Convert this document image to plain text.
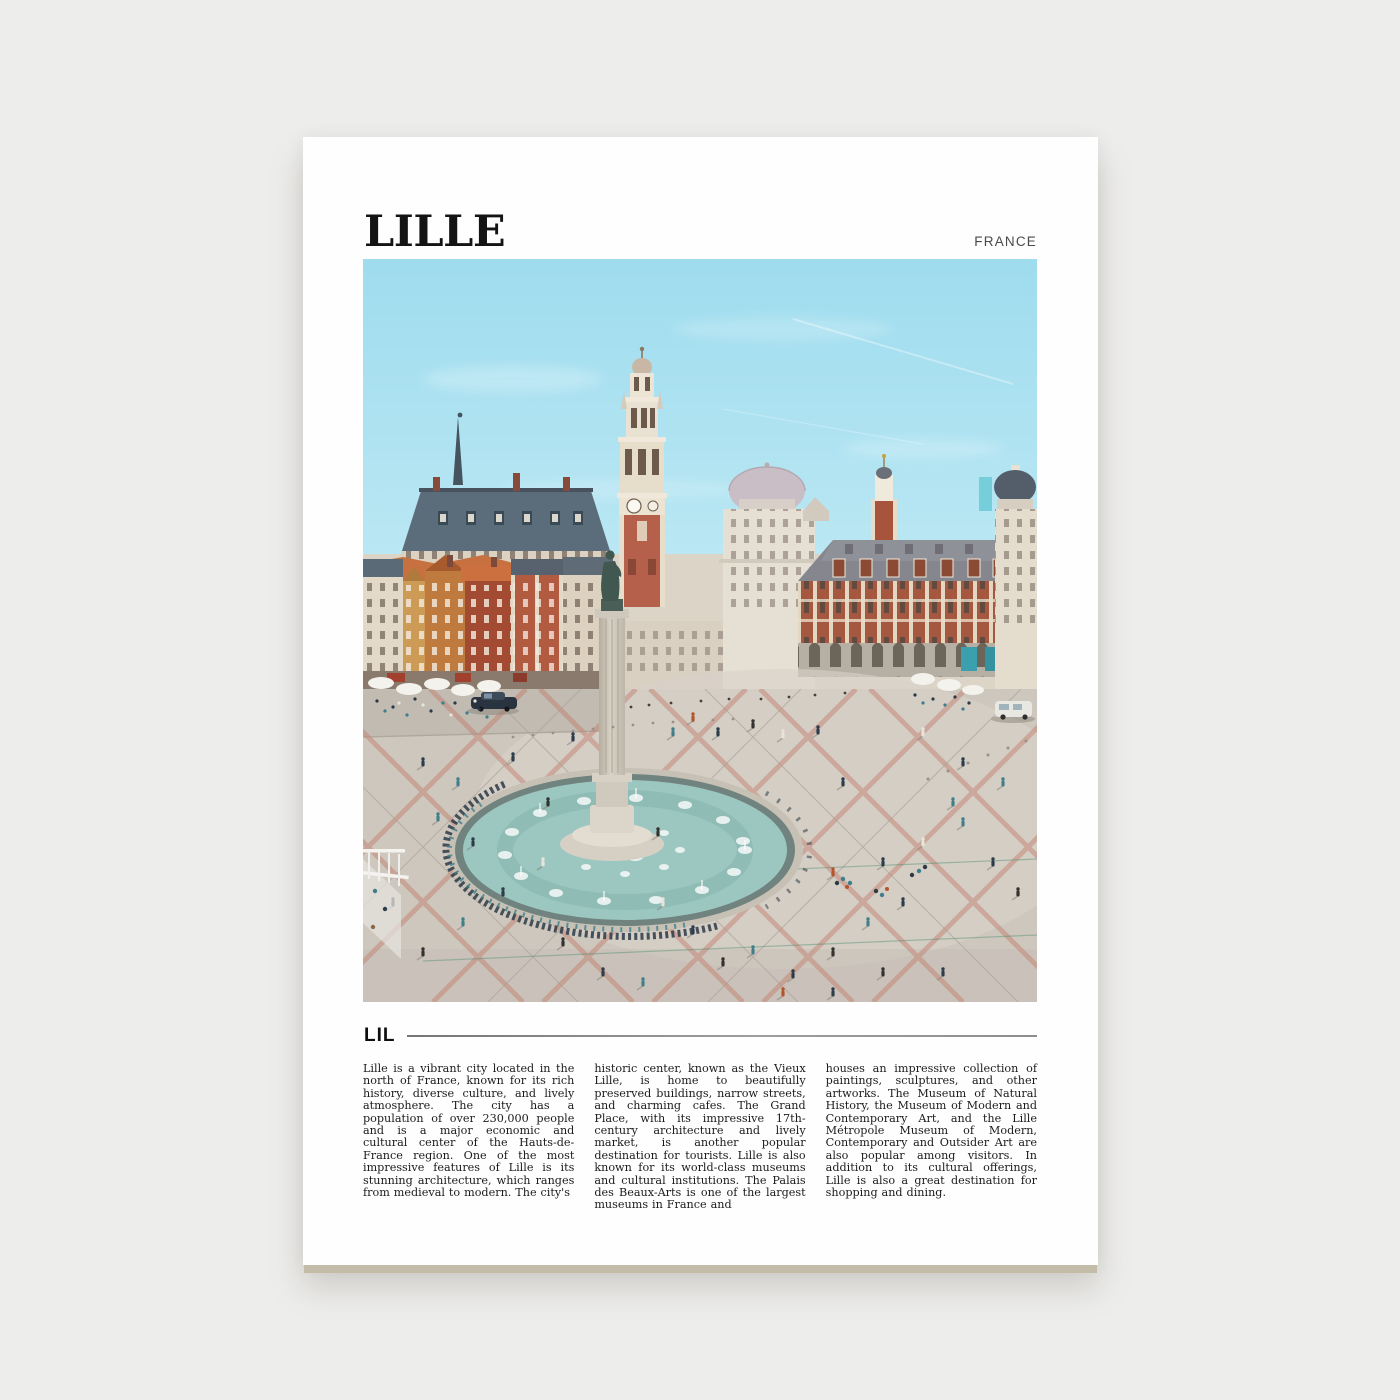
LILLE	FRANCE
LIL
Lille is a vibrant city located in the north of France, known for its rich history, diverse culture, and lively atmosphere. The city has a population of over 230,000 people and is a major economic and cultural center of the Hauts-de-France region. One of the most impressive features of Lille is its stunning architecture, which ranges from medieval to modern. The city's
historic center, known as the Vieux Lille, is home to beautifully preserved buildings, narrow streets, and charming cafes. The Grand Place, with its impressive 17th-century architecture and lively market, is another popular destination for tourists. Lille is also known for its world-class museums and cultural institutions. The Palais des Beaux-Arts is one of the largest museums in France and
houses an impressive collection of paintings, sculptures, and other artworks. The Museum of Natural History, the Museum of Modern and Contemporary Art, and the Lille Métropole Museum of Modern, Contemporary and Outsider Art are also popular among visitors. In addition to its cultural offerings, Lille is also a great destination for shopping and dining.
